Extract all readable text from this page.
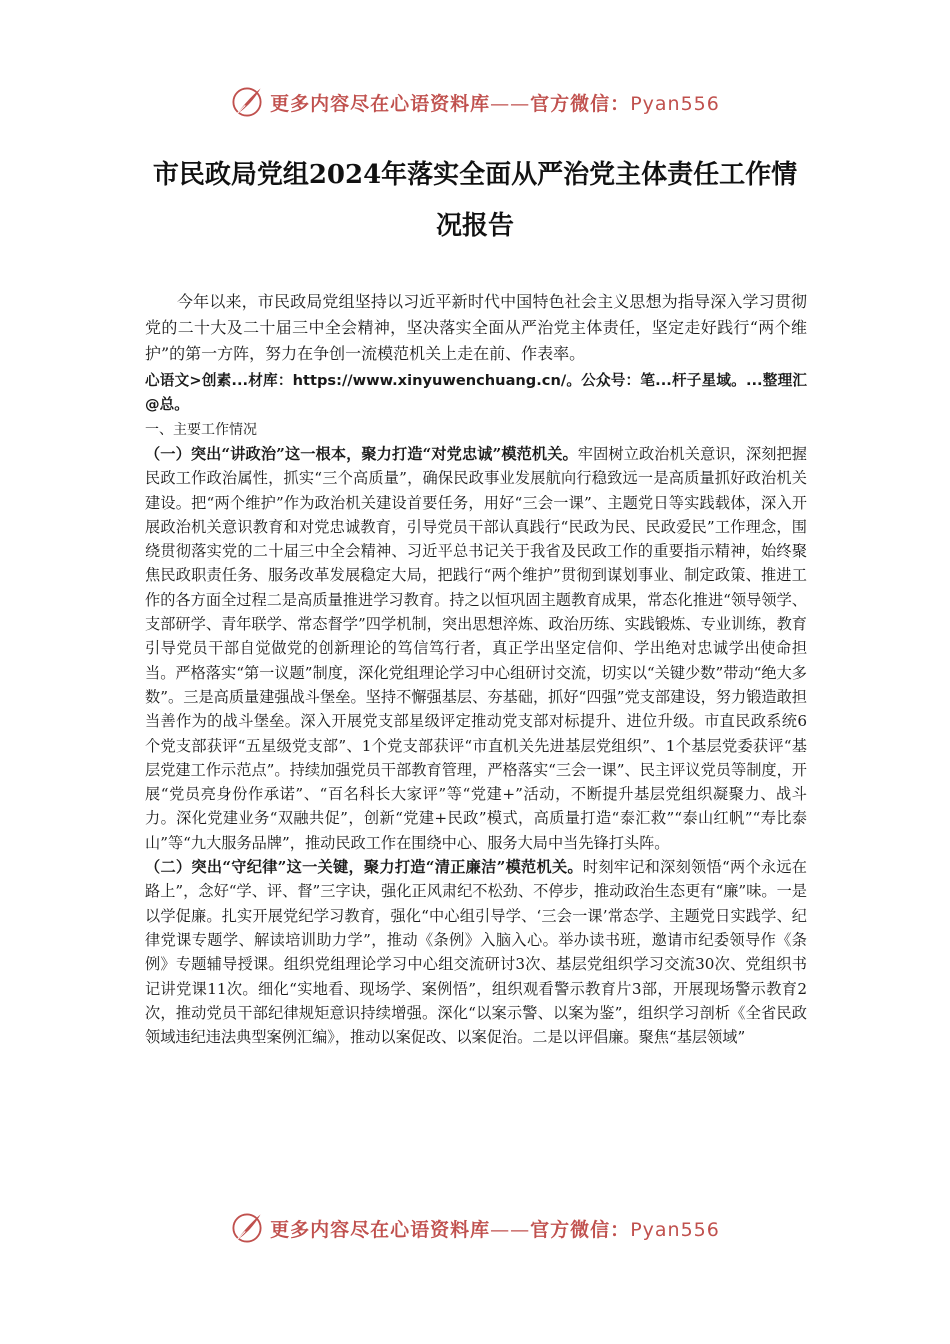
更多内容尽在心语资料库——官方微信：Pyan556
市民政局党组2024年落实全面从严治党主体责任工作情况报告

今年以来，市民政局党组坚持以习近平新时代中国特色社会主义思想为指导深入学习贯彻党的二十大及二十届三中全会精神，坚决落实全面从严治党主体责任，坚定走好践行“两个维护”的第一方阵，努力在争创一流模范机关上走在前、作表率。

心语文>创素...材库：https://www.xinyuwenchuang.cn/。公众号：笔...杆子星域。...整理汇@总。

一、主要工作情况

（一）突出“讲政治”这一根本，聚力打造“对党忠诚”模范机关。牢固树立政治机关意识，深刻把握民政工作政治属性，抓实“三个高质量”，确保民政事业发展航向行稳致远一是高质量抓好政治机关建设。把“两个维护”作为政治机关建设首要任务，用好“三会一课”、主题党日等实践载体，深入开展政治机关意识教育和对党忠诚教育，引导党员干部认真践行“民政为民、民政爱民”工作理念，围绕贯彻落实党的二十届三中全会精神、习近平总书记关于我省及民政工作的重要指示精神，始终聚焦民政职责任务、服务改革发展稳定大局，把践行“两个维护”贯彻到谋划事业、制定政策、推进工作的各方面全过程二是高质量推进学习教育。持之以恒巩固主题教育成果，常态化推进“领导领学、支部研学、青年联学、常态督学”四学机制，突出思想淬炼、政治历练、实践锻炼、专业训练，教育引导党员干部自觉做党的创新理论的笃信笃行者，真正学出坚定信仰、学出绝对忠诚学出使命担当。严格落实“第一议题”制度，深化党组理论学习中心组研讨交流，切实以“关键少数”带动“绝大多数”。三是高质量建强战斗堡垒。坚持不懈强基层、夯基础，抓好“四强”党支部建设，努力锻造敢担当善作为的战斗堡垒。深入开展党支部星级评定推动党支部对标提升、进位升级。市直民政系统6个党支部获评“五星级党支部”、1个党支部获评“市直机关先进基层党组织”、1个基层党委获评“基层党建工作示范点”。持续加强党员干部教育管理，严格落实“三会一课”、民主评议党员等制度，开展“党员亮身份作承诺”、“百名科长大家评”等“党建+”活动，不断提升基层党组织凝聚力、战斗力。深化党建业务“双融共促”，创新“党建+民政”模式，高质量打造“泰汇救”“泰山红帆”“寿比泰山”等“九大服务品牌”，推动民政工作在围绕中心、服务大局中当先锋打头阵。

（二）突出“守纪律”这一关键，聚力打造“清正廉洁”模范机关。时刻牢记和深刻领悟“两个永远在路上”，念好“学、评、督”三字诀，强化正风肃纪不松劲、不停步，推动政治生态更有“廉”味。一是以学促廉。扎实开展党纪学习教育，强化“中心组引导学、‘三会一课’常态学、主题党日实践学、纪律党课专题学、解读培训助力学”，推动《条例》入脑入心。举办读书班，邀请市纪委领导作《条例》专题辅导授课。组织党组理论学习中心组交流研讨3次、基层党组织学习交流30次、党组织书记讲党课11次。细化“实地看、现场学、案例悟”，组织观看警示教育片3部，开展现场警示教育2次，推动党员干部纪律规矩意识持续增强。深化“以案示警、以案为鉴”，组织学习剖析《全省民政领域违纪违法典型案例汇编》，推动以案促改、以案促治。二是以评倡廉。聚焦“基层领域”

更多内容尽在心语资料库——官方微信：Pyan556
